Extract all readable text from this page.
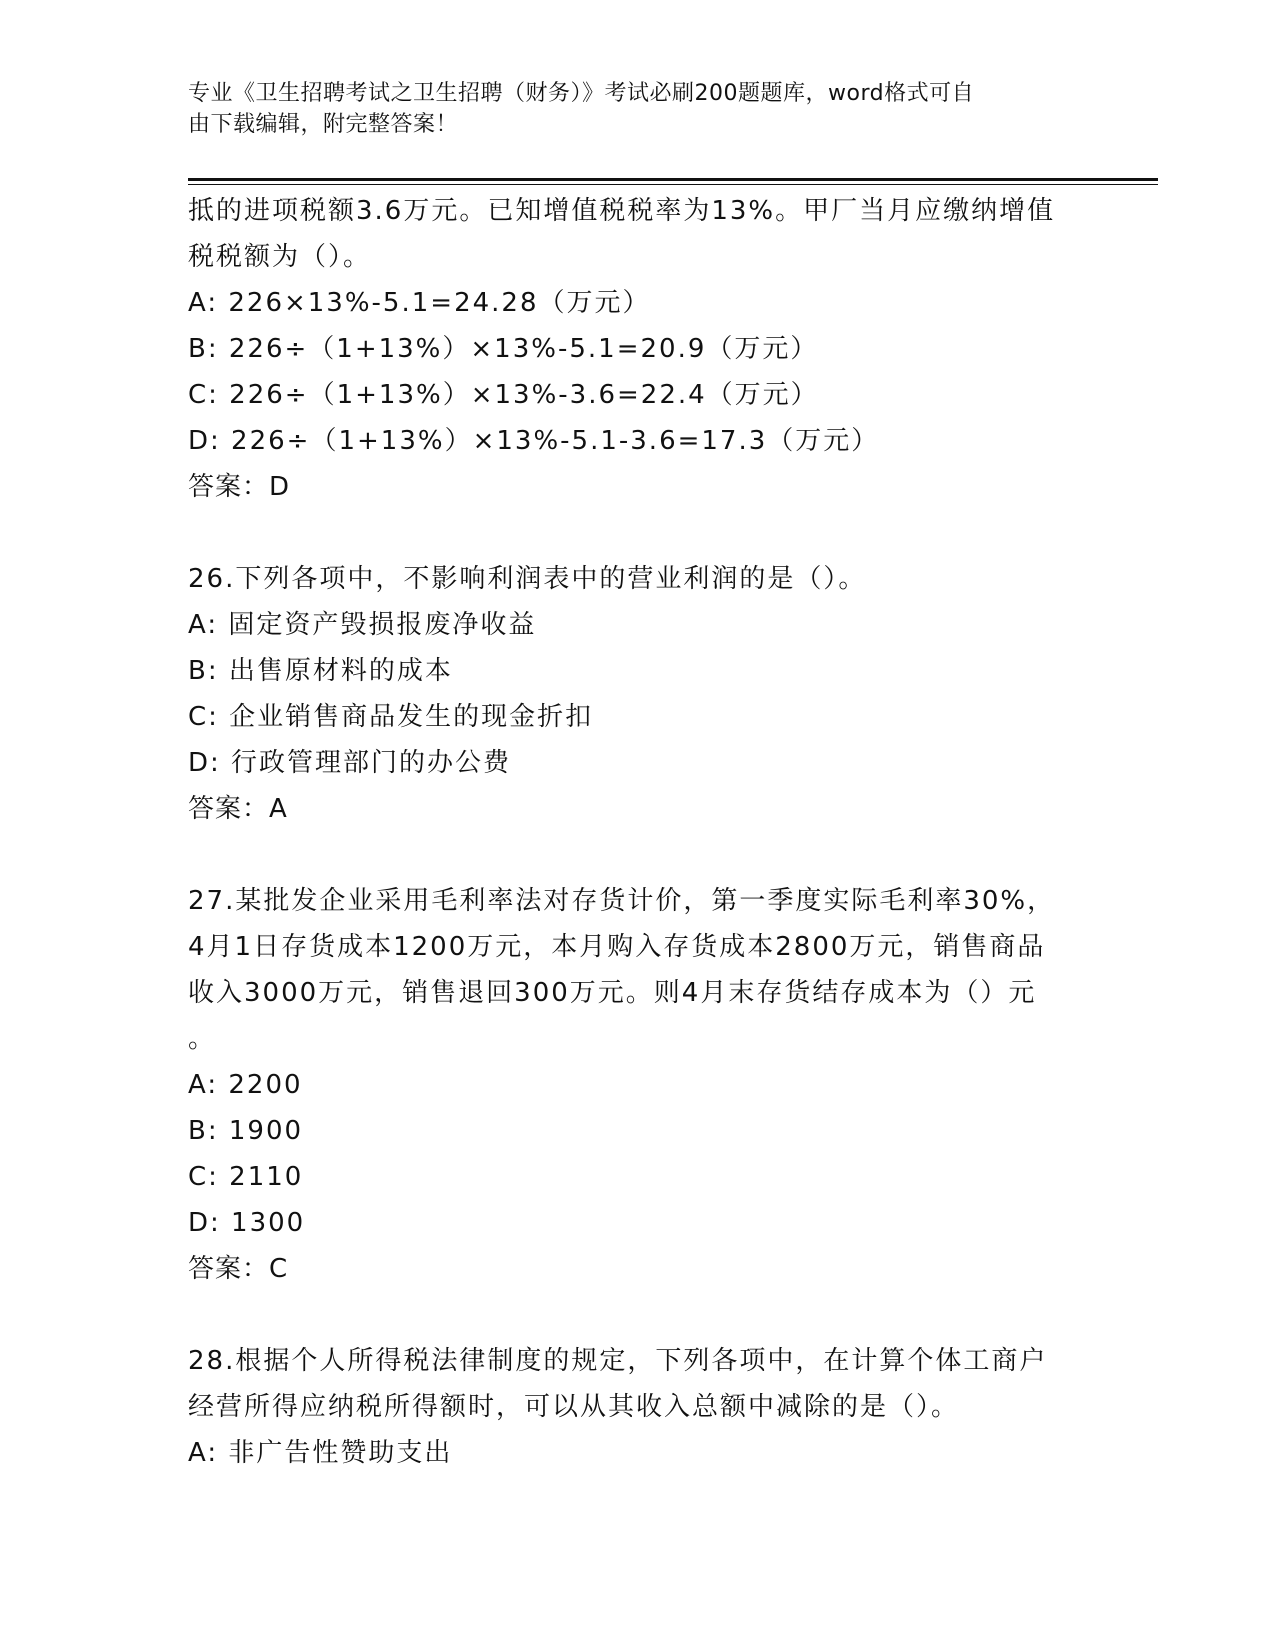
专业《卫生招聘考试之卫生招聘（财务）》考试必刷200题题库，word格式可自
由下载编辑，附完整答案！
抵的进项税额3.6万元。已知增值税税率为13%。甲厂当月应缴纳增值
税税额为（）。
A: 226×13%-5.1=24.28（万元）
B: 226÷（1+13%）×13%-5.1=20.9（万元）
C: 226÷（1+13%）×13%-3.6=22.4（万元）
D: 226÷（1+13%）×13%-5.1-3.6=17.3（万元）
答案：D
26.下列各项中，不影响利润表中的营业利润的是（）。
A: 固定资产毁损报废净收益
B: 出售原材料的成本
C: 企业销售商品发生的现金折扣
D: 行政管理部门的办公费
答案：A
27.某批发企业采用毛利率法对存货计价，第一季度实际毛利率30%，
4月1日存货成本1200万元，本月购入存货成本2800万元，销售商品
收入3000万元，销售退回300万元。则4月末存货结存成本为（）元
。
A: 2200
B: 1900
C: 2110
D: 1300
答案：C
28.根据个人所得税法律制度的规定，下列各项中，在计算个体工商户
经营所得应纳税所得额时，可以从其收入总额中减除的是（）。
A: 非广告性赞助支出
